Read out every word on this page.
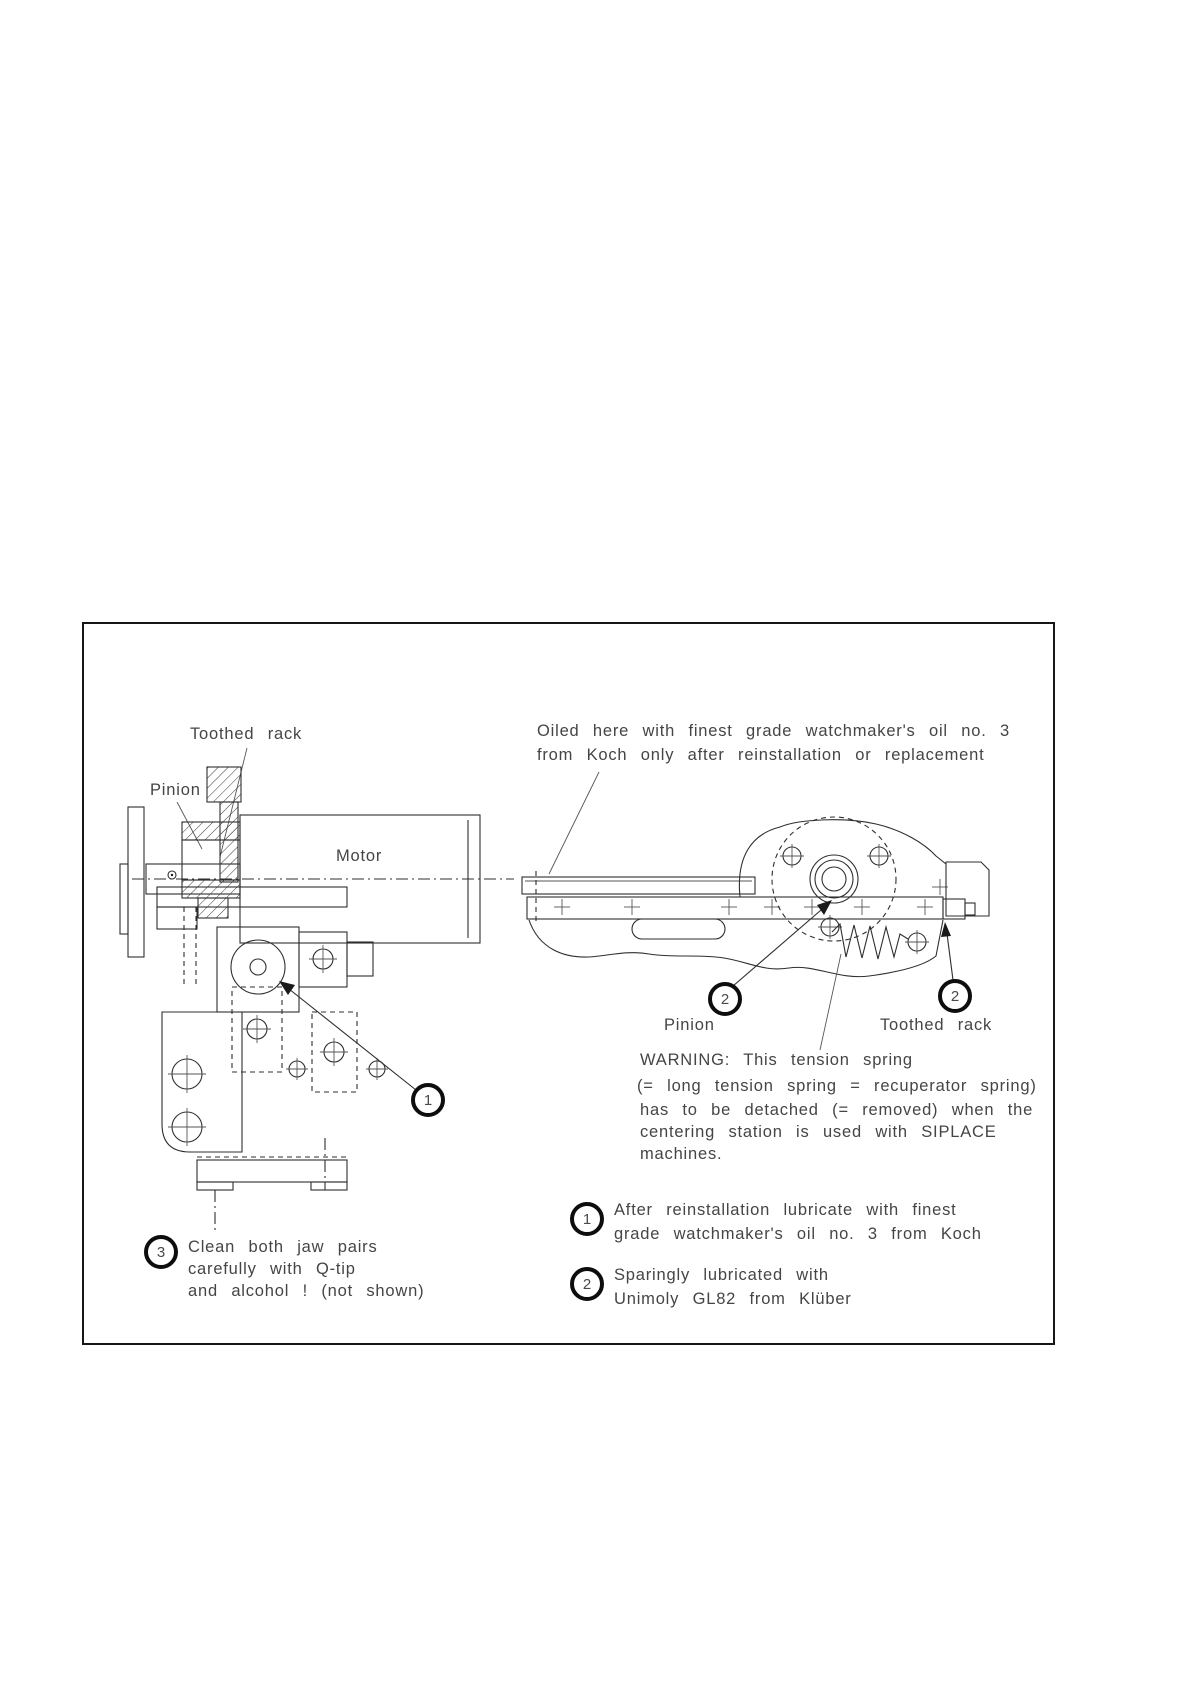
Toothed rack
Pinion
Motor
Oiled here with finest grade watchmaker's oil no. 3
from Koch only after reinstallation or replacement
Pinion	Toothed rack
WARNING: This tension spring
(= long tension spring = recuperator spring)
has to be detached (= removed) when the
centering station is used with SIPLACE
machines.
1
2	2
1 After reinstallation lubricate with finest
grade watchmaker's oil no. 3 from Koch
2 Sparingly lubricated with
Unimoly GL82 from Klüber
3 Clean both jaw pairs
carefully with Q-tip
and alcohol ! (not shown)
